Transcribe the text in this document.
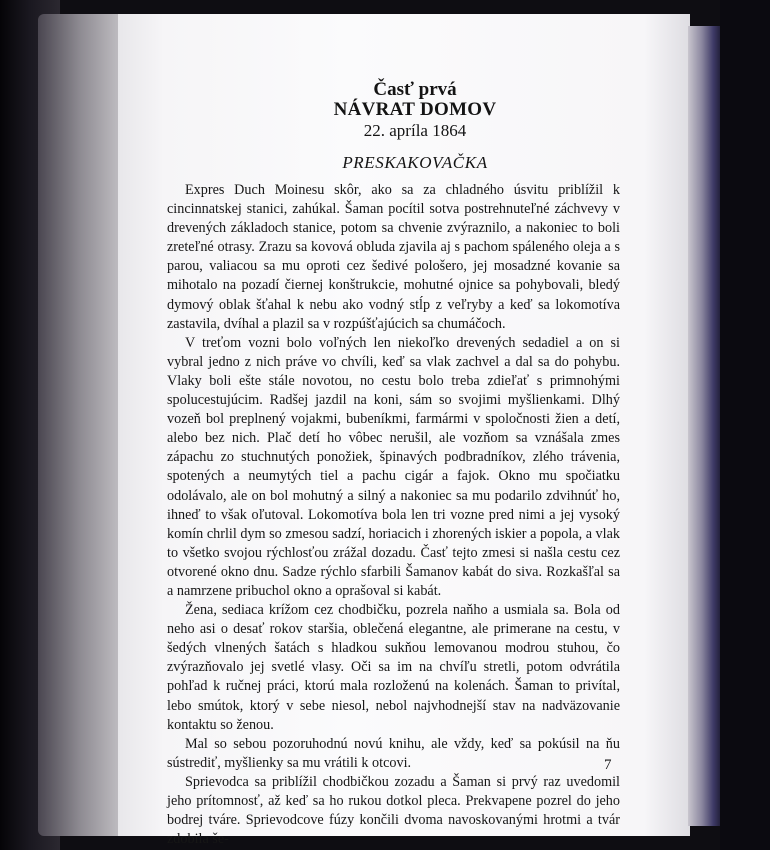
Časť prvá
NÁVRAT DOMOV
22. apríla 1864
PRESKAKOVAČKA

Expres Duch Moinesu skôr, ako sa za chladného úsvitu priblížil k cincinnatskej stanici, zahúkal. Šaman pocítil sotva postrehnuteľné záchvevy v drevených základoch stanice, potom sa chvenie zvýraznilo, a nakoniec to boli zreteľné otrasy. Zrazu sa kovová obluda zjavila aj s pachom spáleného oleja a s parou, valiacou sa mu oproti cez šedivé pološero, jej mosadzné kovanie sa mihotalo na pozadí čiernej konštrukcie, mohutné ojnice sa pohybovali, bledý dymový oblak šťahal k nebu ako vodný stĺp z veľryby a keď sa lokomotíva zastavila, dvíhal a plazil sa v rozpúšťajúcich sa chumáčoch.

V treťom vozni bolo voľných len niekoľko drevených sedadiel a on si vybral jedno z nich práve vo chvíli, keď sa vlak zachvel a dal sa do pohybu. Vlaky boli ešte stále novotou, no cestu bolo treba zdieľať s primnohými spolucestujúcim. Radšej jazdil na koni, sám so svojimi myšlienkami. Dlhý vozeň bol preplnený vojakmi, bubeníkmi, farmármi v spoločnosti žien a detí, alebo bez nich. Plač detí ho vôbec nerušil, ale vozňom sa vznášala zmes zápachu zo stuchnutých ponožiek, špinavých podbradníkov, zlého trávenia, spotených a neumytých tiel a pachu cigár a fajok. Okno mu spočiatku odolávalo, ale on bol mohutný a silný a nakoniec sa mu podarilo zdvihnúť ho, ihneď to však oľutoval. Lokomotíva bola len tri vozne pred nimi a jej vysoký komín chrlil dym so zmesou sadzí, horiacich i zhorených iskier a popola, a vlak to všetko svojou rýchlosťou zrážal dozadu. Časť tejto zmesi si našla cestu cez otvorené okno dnu. Sadze rýchlo sfarbili Šamanov kabát do siva. Rozkašľal sa a namrzene pribuchol okno a oprašoval si kabát.

Žena, sediaca krížom cez chodbičku, pozrela naňho a usmiala sa. Bola od neho asi o desať rokov staršia, oblečená elegantne, ale primerane na cestu, v šedých vlnených šatách s hladkou sukňou lemovanou modrou stuhou, čo zvýrazňovalo jej svetlé vlasy. Oči sa im na chvíľu stretli, potom odvrátila pohľad k ručnej práci, ktorú mala rozloženú na kolenách. Šaman to privítal, lebo smútok, ktorý v sebe niesol, nebol najvhodnejší stav na nadväzovanie kontaktu so ženou.

Mal so sebou pozoruhodnú novú knihu, ale vždy, keď sa pokúsil na ňu sústrediť, myšlienky sa mu vrátili k otcovi.

Sprievodca sa priblížil chodbičkou zozadu a Šaman si prvý raz uvedomil jeho prítomnosť, až keď sa ho rukou dotkol pleca. Prekvapene pozrel do jeho bodrej tváre. Sprievodcove fúzy končili dvoma navoskovanými hrotmi a tvár zdobila še-

7
